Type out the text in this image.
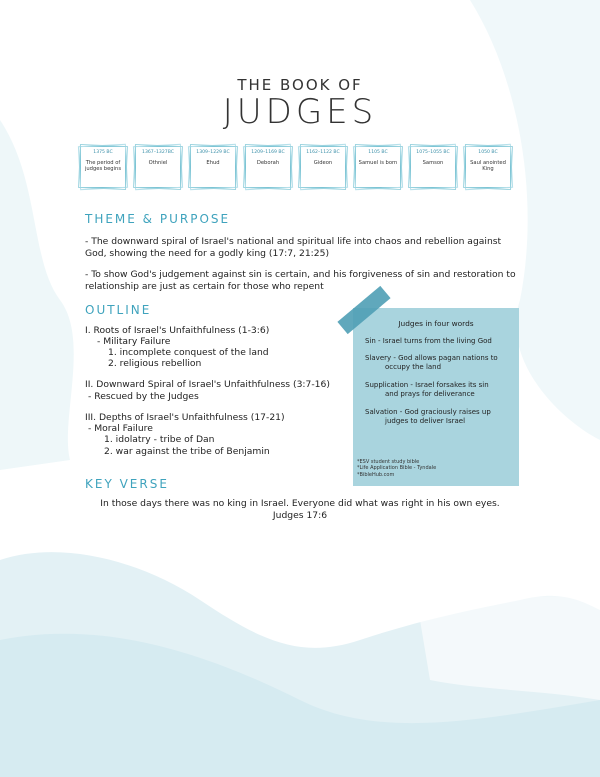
THE BOOK OF
JUDGES
1375 BC
The period of judges begins
1367–1327BC
Othniel
1309–1229 BC
Ehud
1209–1169 BC
Deborah
1162–1122 BC
Gideon
1105 BC
Samuel is born
1075–1055 BC
Samson
1050 BC
Saul anointed King
THEME & PURPOSE
- The downward spiral of Israel's national and spiritual life into chaos and rebellion against God, showing the need for a godly king (17:7, 21:25)
- To show God's judgement against sin is certain, and his forgiveness of sin and restoration to relationship are just as certain for those who repent
OUTLINE
I. Roots of Israel's Unfaithfulness (1-3:6)
- Military Failure
1. incomplete conquest of the land
2. religious rebellion
II. Downward Spiral of Israel's Unfaithfulness (3:7-16)
- Rescued by the Judges
III. Depths of Israel's Unfaithfulness (17-21)
- Moral Failure
1. idolatry - tribe of Dan
2. war against the tribe of Benjamin
Judges in four words
Sin - Israel turns from the living God
Slavery - God allows pagan nations to
occupy the land
Supplication - Israel forsakes its sin
and prays for deliverance
Salvation - God graciously raises up
judges to deliver Israel
*ESV student study bible
*Life Application Bible - Tyndale
*BibleHub.com
KEY VERSE
In those days there was no king in Israel. Everyone did what was right in his own eyes.
Judges 17:6
